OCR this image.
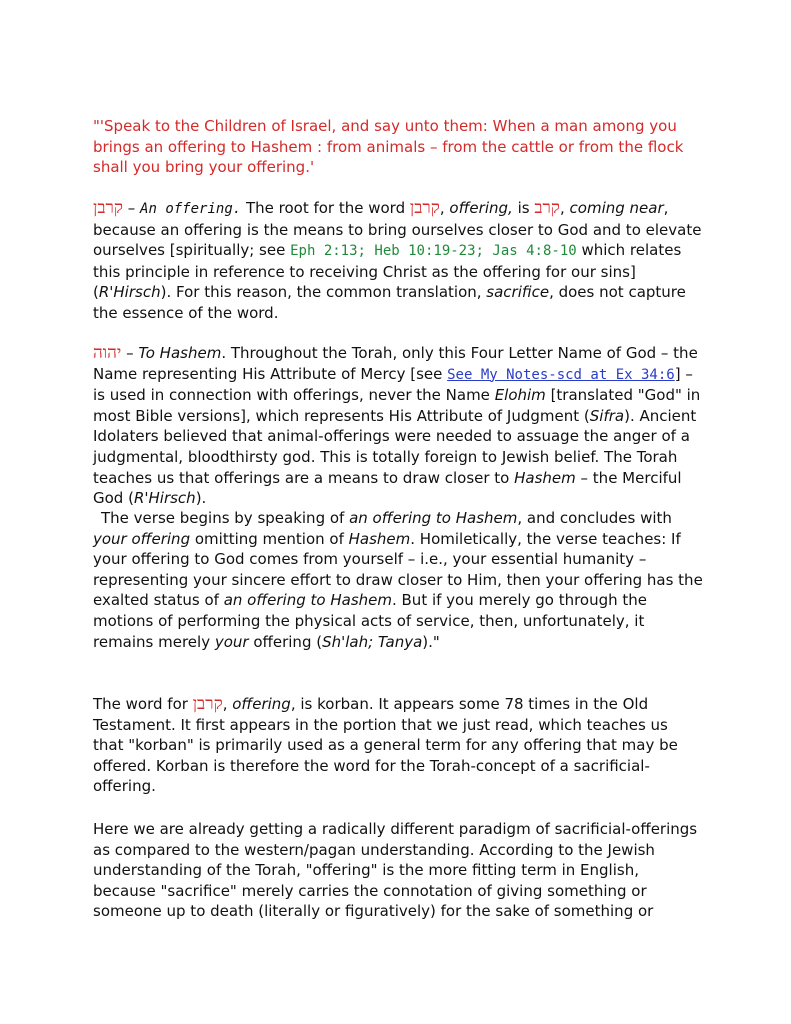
"'Speak to the Children of Israel, and say unto them: When a man among you brings an offering to Hashem : from animals – from the cattle or from the flock shall you bring your offering.'

קרבן – An offering. The root for the word קרבן, offering, is קרב, coming near, because an offering is the means to bring ourselves closer to God and to elevate ourselves [spiritually; see Eph 2:13; Heb 10:19-23; Jas 4:8-10 which relates this principle in reference to receiving Christ as the offering for our sins] (R'Hirsch). For this reason, the common translation, sacrifice, does not capture the essence of the word.

יהוה – To Hashem. Throughout the Torah, only this Four Letter Name of God – the Name representing His Attribute of Mercy [see See My Notes-scd at Ex 34:6] – is used in connection with offerings, never the Name Elohim [translated "God" in most Bible versions], which represents His Attribute of Judgment (Sifra). Ancient Idolaters believed that animal-offerings were needed to assuage the anger of a judgmental, bloodthirsty god. This is totally foreign to Jewish belief. The Torah teaches us that offerings are a means to draw closer to Hashem – the Merciful God (R'Hirsch).

The verse begins by speaking of an offering to Hashem, and concludes with your offering omitting mention of Hashem. Homiletically, the verse teaches: If your offering to God comes from yourself – i.e., your essential humanity – representing your sincere effort to draw closer to Him, then your offering has the exalted status of an offering to Hashem. But if you merely go through the motions of performing the physical acts of service, then, unfortunately, it remains merely your offering (Sh'lah; Tanya)."

The word for קרבן, offering, is korban. It appears some 78 times in the Old Testament. It first appears in the portion that we just read, which teaches us that "korban" is primarily used as a general term for any offering that may be offered. Korban is therefore the word for the Torah-concept of a sacrificial-offering.

Here we are already getting a radically different paradigm of sacrificial-offerings as compared to the western/pagan understanding. According to the Jewish understanding of the Torah, "offering" is the more fitting term in English, because "sacrifice" merely carries the connotation of giving something or someone up to death (literally or figuratively) for the sake of something or
